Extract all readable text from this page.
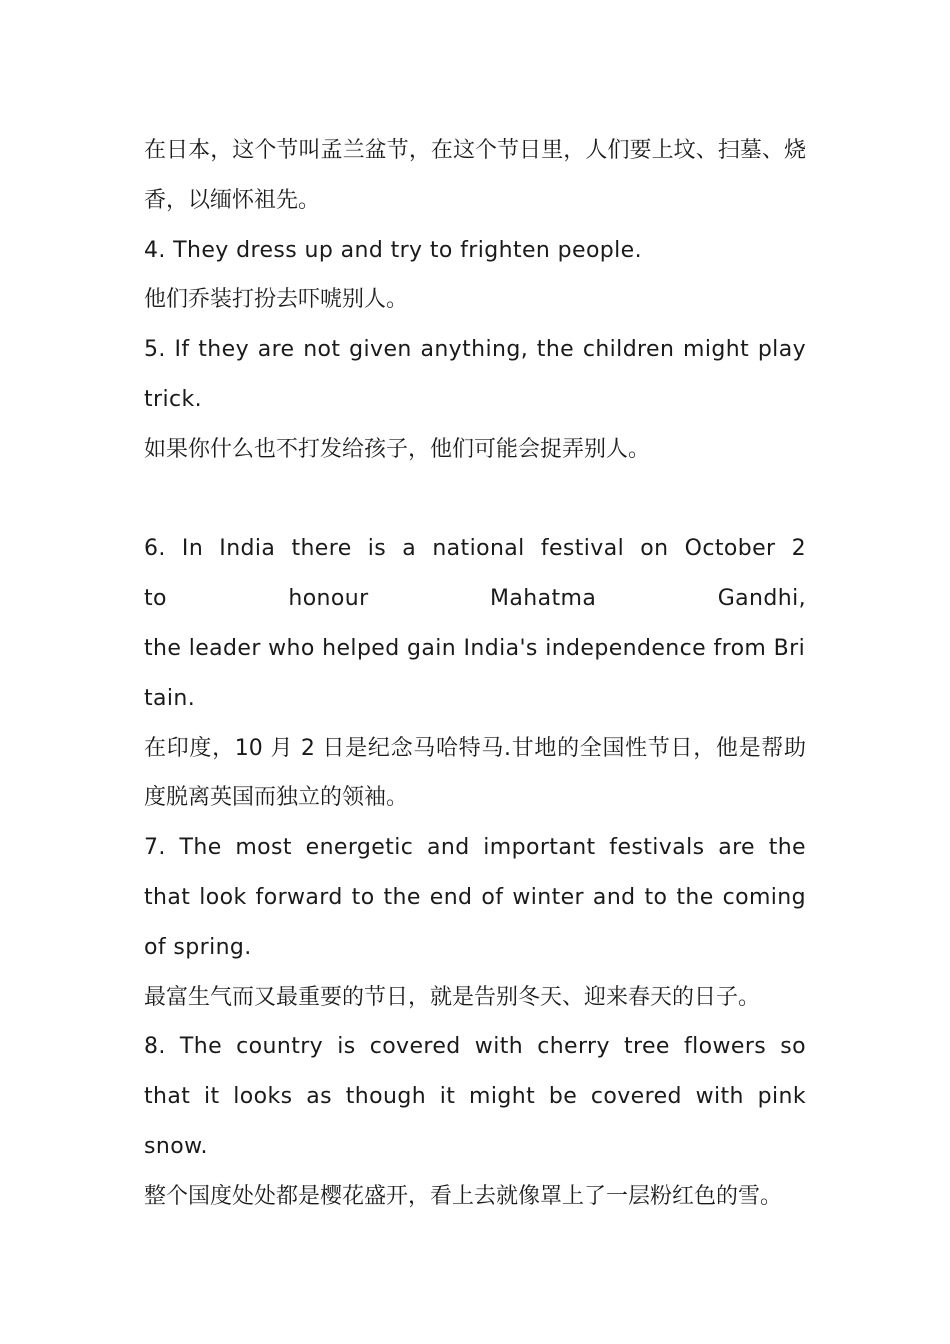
在日本，这个节叫孟兰盆节，在这个节日里，人们要上坟、扫墓、烧
香，以缅怀祖先。
4. They dress up and try to frighten people.
他们乔装打扮去吓唬别人。
5. If they are not given anything, the children might play
trick.
如果你什么也不打发给孩子，他们可能会捉弄别人。
6. In India there is a national festival on October 2
to honour Mahatma Gandhi,
the leader who helped gain India's independence from Bri
tain.
在印度，10 月 2 日是纪念马哈特马.甘地的全国性节日，他是帮助
度脱离英国而独立的领袖。
7. The most energetic and important festivals are the
that look forward to the end of winter and to the coming
of spring.
最富生气而又最重要的节日，就是告别冬天、迎来春天的日子。
8. The country is covered with cherry tree flowers so
that it looks as though it might be covered with pink
snow.
整个国度处处都是樱花盛开，看上去就像罩上了一层粉红色的雪。
